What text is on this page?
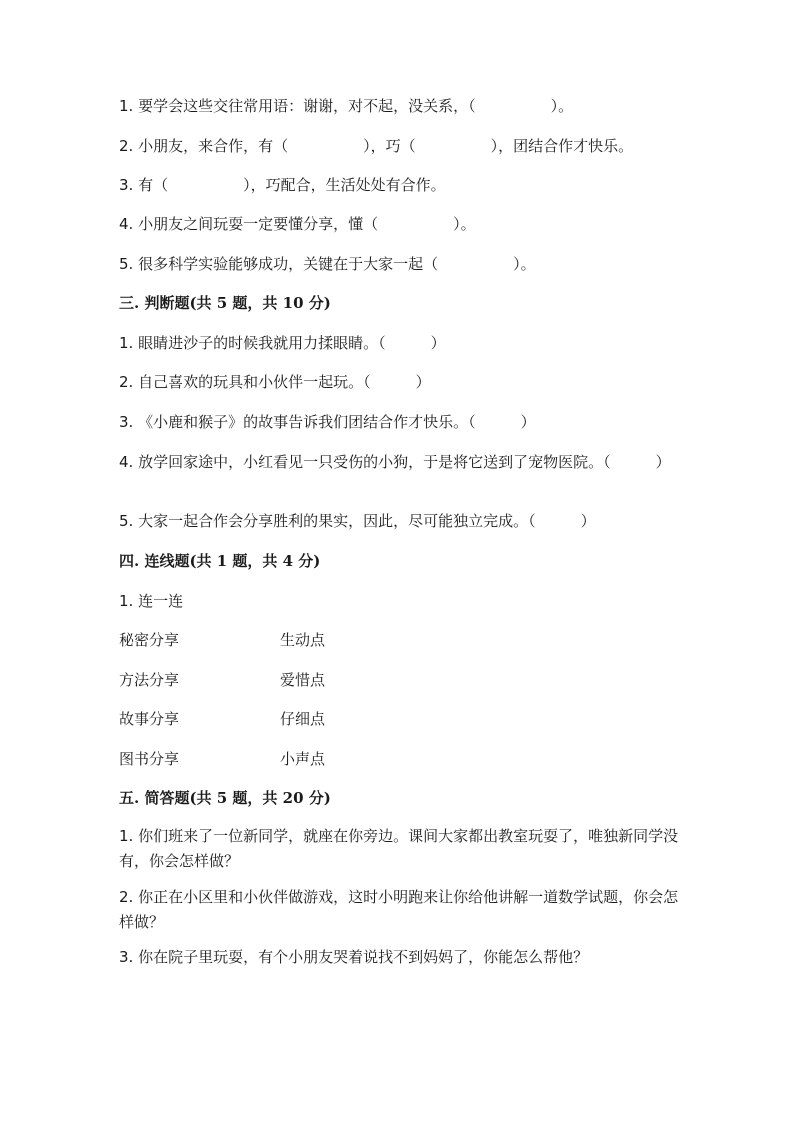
1. 要学会这些交往常用语：谢谢，对不起，没关系，（　　　　　）。
2. 小朋友，来合作，有（　　　　　），巧（　　　　　），团结合作才快乐。
3. 有（　　　　　），巧配合，生活处处有合作。
4. 小朋友之间玩耍一定要懂分享，懂（　　　　　）。
5. 很多科学实验能够成功，关键在于大家一起（　　　　　）。
三. 判断题(共 5 题，共 10 分)
1. 眼睛进沙子的时候我就用力揉眼睛。（　　　）
2. 自己喜欢的玩具和小伙伴一起玩。（　　　）
3. 《小鹿和猴子》的故事告诉我们团结合作才快乐。（　　　）
4. 放学回家途中，小红看见一只受伤的小狗，于是将它送到了宠物医院。（　　　）
5. 大家一起合作会分享胜利的果实，因此，尽可能独立完成。（　　　）
四. 连线题(共 1 题，共 4 分)
1. 连一连
秘密分享	生动点
方法分享	爱惜点
故事分享	仔细点
图书分享	小声点
五. 简答题(共 5 题，共 20 分)
1. 你们班来了一位新同学，就座在你旁边。课间大家都出教室玩耍了，唯独新同学没有，你会怎样做？
2. 你正在小区里和小伙伴做游戏，这时小明跑来让你给他讲解一道数学试题，你会怎样做？
3. 你在院子里玩耍，有个小朋友哭着说找不到妈妈了，你能怎么帮他？
